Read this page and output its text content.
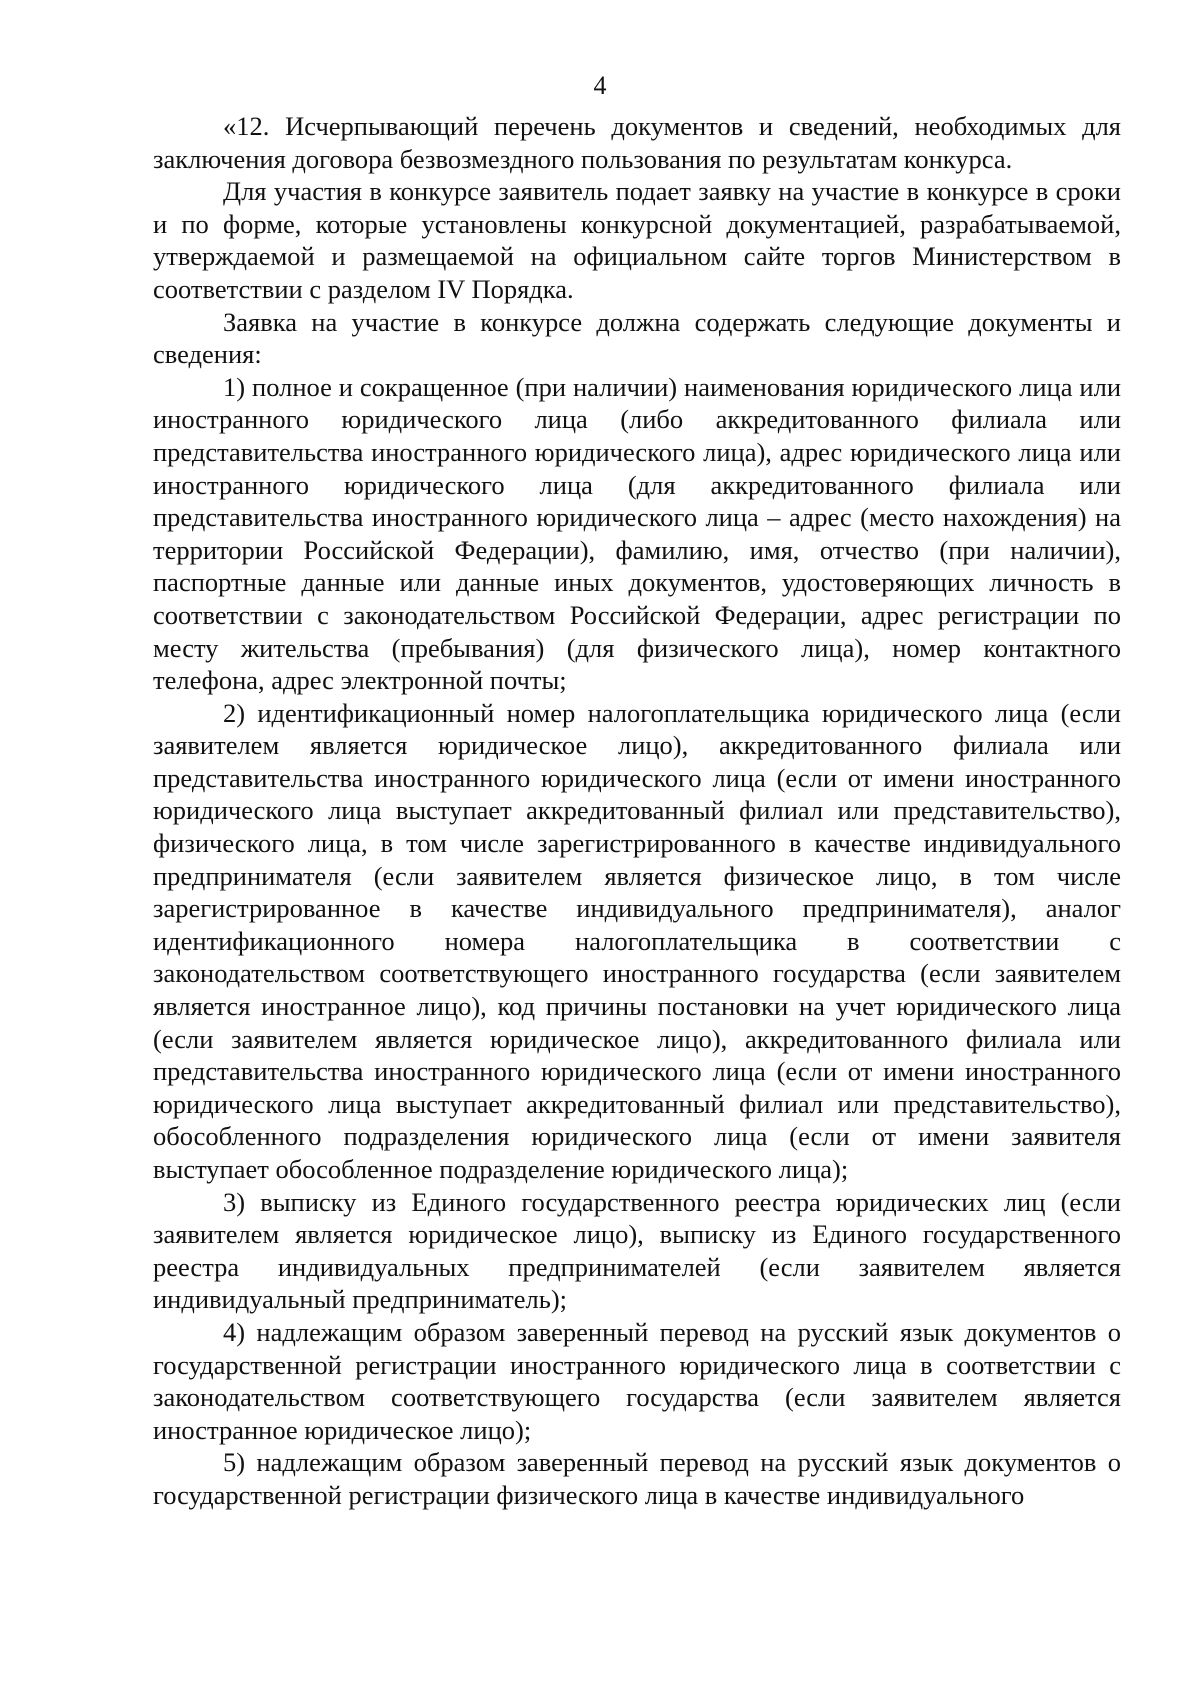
4

«12. Исчерпывающий перечень документов и сведений, необходимых для заключения договора безвозмездного пользования по результатам конкурса.

Для участия в конкурсе заявитель подает заявку на участие в конкурсе в сроки и по форме, которые установлены конкурсной документацией, разрабатываемой, утверждаемой и размещаемой на официальном сайте торгов Министерством в соответствии с разделом IV Порядка.

Заявка на участие в конкурсе должна содержать следующие документы и сведения:

1) полное и сокращенное (при наличии) наименования юридического лица или иностранного юридического лица (либо аккредитованного филиала или представительства иностранного юридического лица), адрес юридического лица или иностранного юридического лица (для аккредитованного филиала или представительства иностранного юридического лица – адрес (место нахождения) на территории Российской Федерации), фамилию, имя, отчество (при наличии), паспортные данные или данные иных документов, удостоверяющих личность в соответствии с законодательством Российской Федерации, адрес регистрации по месту жительства (пребывания) (для физического лица), номер контактного телефона, адрес электронной почты;

2) идентификационный номер налогоплательщика юридического лица (если заявителем является юридическое лицо), аккредитованного филиала или представительства иностранного юридического лица (если от имени иностранного юридического лица выступает аккредитованный филиал или представительство), физического лица, в том числе зарегистрированного в качестве индивидуального предпринимателя (если заявителем является физическое лицо, в том числе зарегистрированное в качестве индивидуального предпринимателя), аналог идентификационного номера налогоплательщика в соответствии с законодательством соответствующего иностранного государства (если заявителем является иностранное лицо), код причины постановки на учет юридического лица (если заявителем является юридическое лицо), аккредитованного филиала или представительства иностранного юридического лица (если от имени иностранного юридического лица выступает аккредитованный филиал или представительство), обособленного подразделения юридического лица (если от имени заявителя выступает обособленное подразделение юридического лица);

3) выписку из Единого государственного реестра юридических лиц (если заявителем является юридическое лицо), выписку из Единого государственного реестра индивидуальных предпринимателей (если заявителем является индивидуальный предприниматель);

4) надлежащим образом заверенный перевод на русский язык документов о государственной регистрации иностранного юридического лица в соответствии с законодательством соответствующего государства (если заявителем является иностранное юридическое лицо);

5) надлежащим образом заверенный перевод на русский язык документов о государственной регистрации физического лица в качестве индивидуального
